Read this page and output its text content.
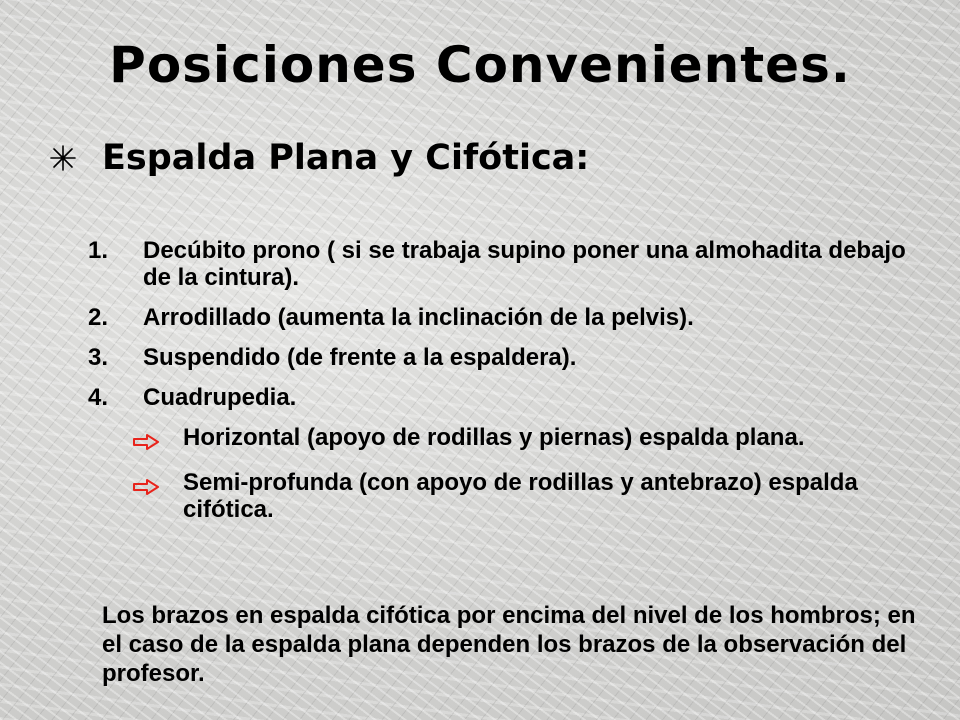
Posiciones Convenientes.
Espalda Plana y Cifótica:
1.	Decúbito prono ( si se trabaja supino poner una almohadita debajo de la cintura).
2.	Arrodillado (aumenta la inclinación de la pelvis).
3.	Suspendido (de frente a la espaldera).
4.	Cuadrupedia.
Horizontal (apoyo de rodillas y piernas) espalda plana.
Semi-profunda (con apoyo de rodillas y antebrazo) espalda cifótica.
Los brazos en espalda cifótica por encima del nivel de los hombros; en el caso de la espalda plana dependen los brazos de la observación del profesor.
